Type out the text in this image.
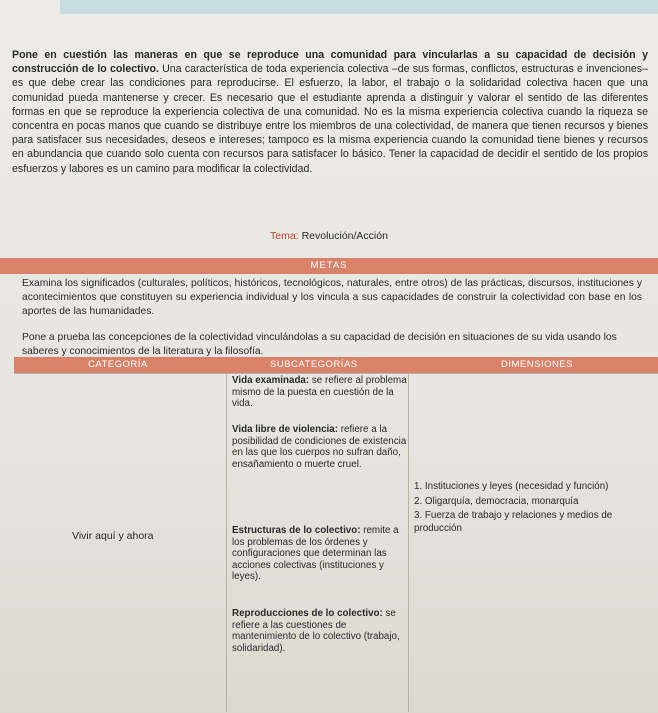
Pone en cuestión las maneras en que se reproduce una comunidad para vincularlas a su capacidad de decisión y construcción de lo colectivo. Una característica de toda experiencia colectiva –de sus formas, conflictos, estructuras e invenciones– es que debe crear las condiciones para reproducirse. El esfuerzo, la labor, el trabajo o la solidaridad colectiva hacen que una comunidad pueda mantenerse y crecer. Es necesario que el estudiante aprenda a distinguir y valorar el sentido de las diferentes formas en que se reproduce la experiencia colectiva de una comunidad. No es la misma experiencia colectiva cuando la riqueza se concentra en pocas manos que cuando se distribuye entre los miembros de una colectividad, de manera que tienen recursos y bienes para satisfacer sus necesidades, deseos e intereses; tampoco es la misma experiencia cuando la comunidad tiene bienes y recursos en abundancia que cuando solo cuenta con recursos para satisfacer lo básico. Tener la capacidad de decidir el sentido de los propios esfuerzos y labores es un camino para modificar la colectividad.
Tema: Revolución/Acción
METAS
Examina los significados (culturales, políticos, históricos, tecnológicos, naturales, entre otros) de las prácticas, discursos, instituciones y acontecimientos que constituyen su experiencia individual y los vincula a sus capacidades de construir la colectividad con base en los aportes de las humanidades.
Pone a prueba las concepciones de la colectividad vinculándolas a su capacidad de decisión en situaciones de su vida usando los saberes y conocimientos de la literatura y la filosofía.
CATEGORÍA	SUBCATEGORÍAS	DIMENSIONES
Vivir aquí y ahora
Vida examinada: se refiere al problema mismo de la puesta en cuestión de la vida.
Vida libre de violencia: refiere a la posibilidad de condiciones de existencia en las que los cuerpos no sufran daño, ensañamiento o muerte cruel.
Estructuras de lo colectivo: remite a los problemas de los órdenes y configuraciones que determinan las acciones colectivas (instituciones y leyes).
Reproducciones de lo colectivo: se refiere a las cuestiones de mantenimiento de lo colectivo (trabajo, solidaridad).
1. Instituciones y leyes (necesidad y función)
2. Oligarquía, democracia, monarquía
3. Fuerza de trabajo y relaciones y medios de producción
